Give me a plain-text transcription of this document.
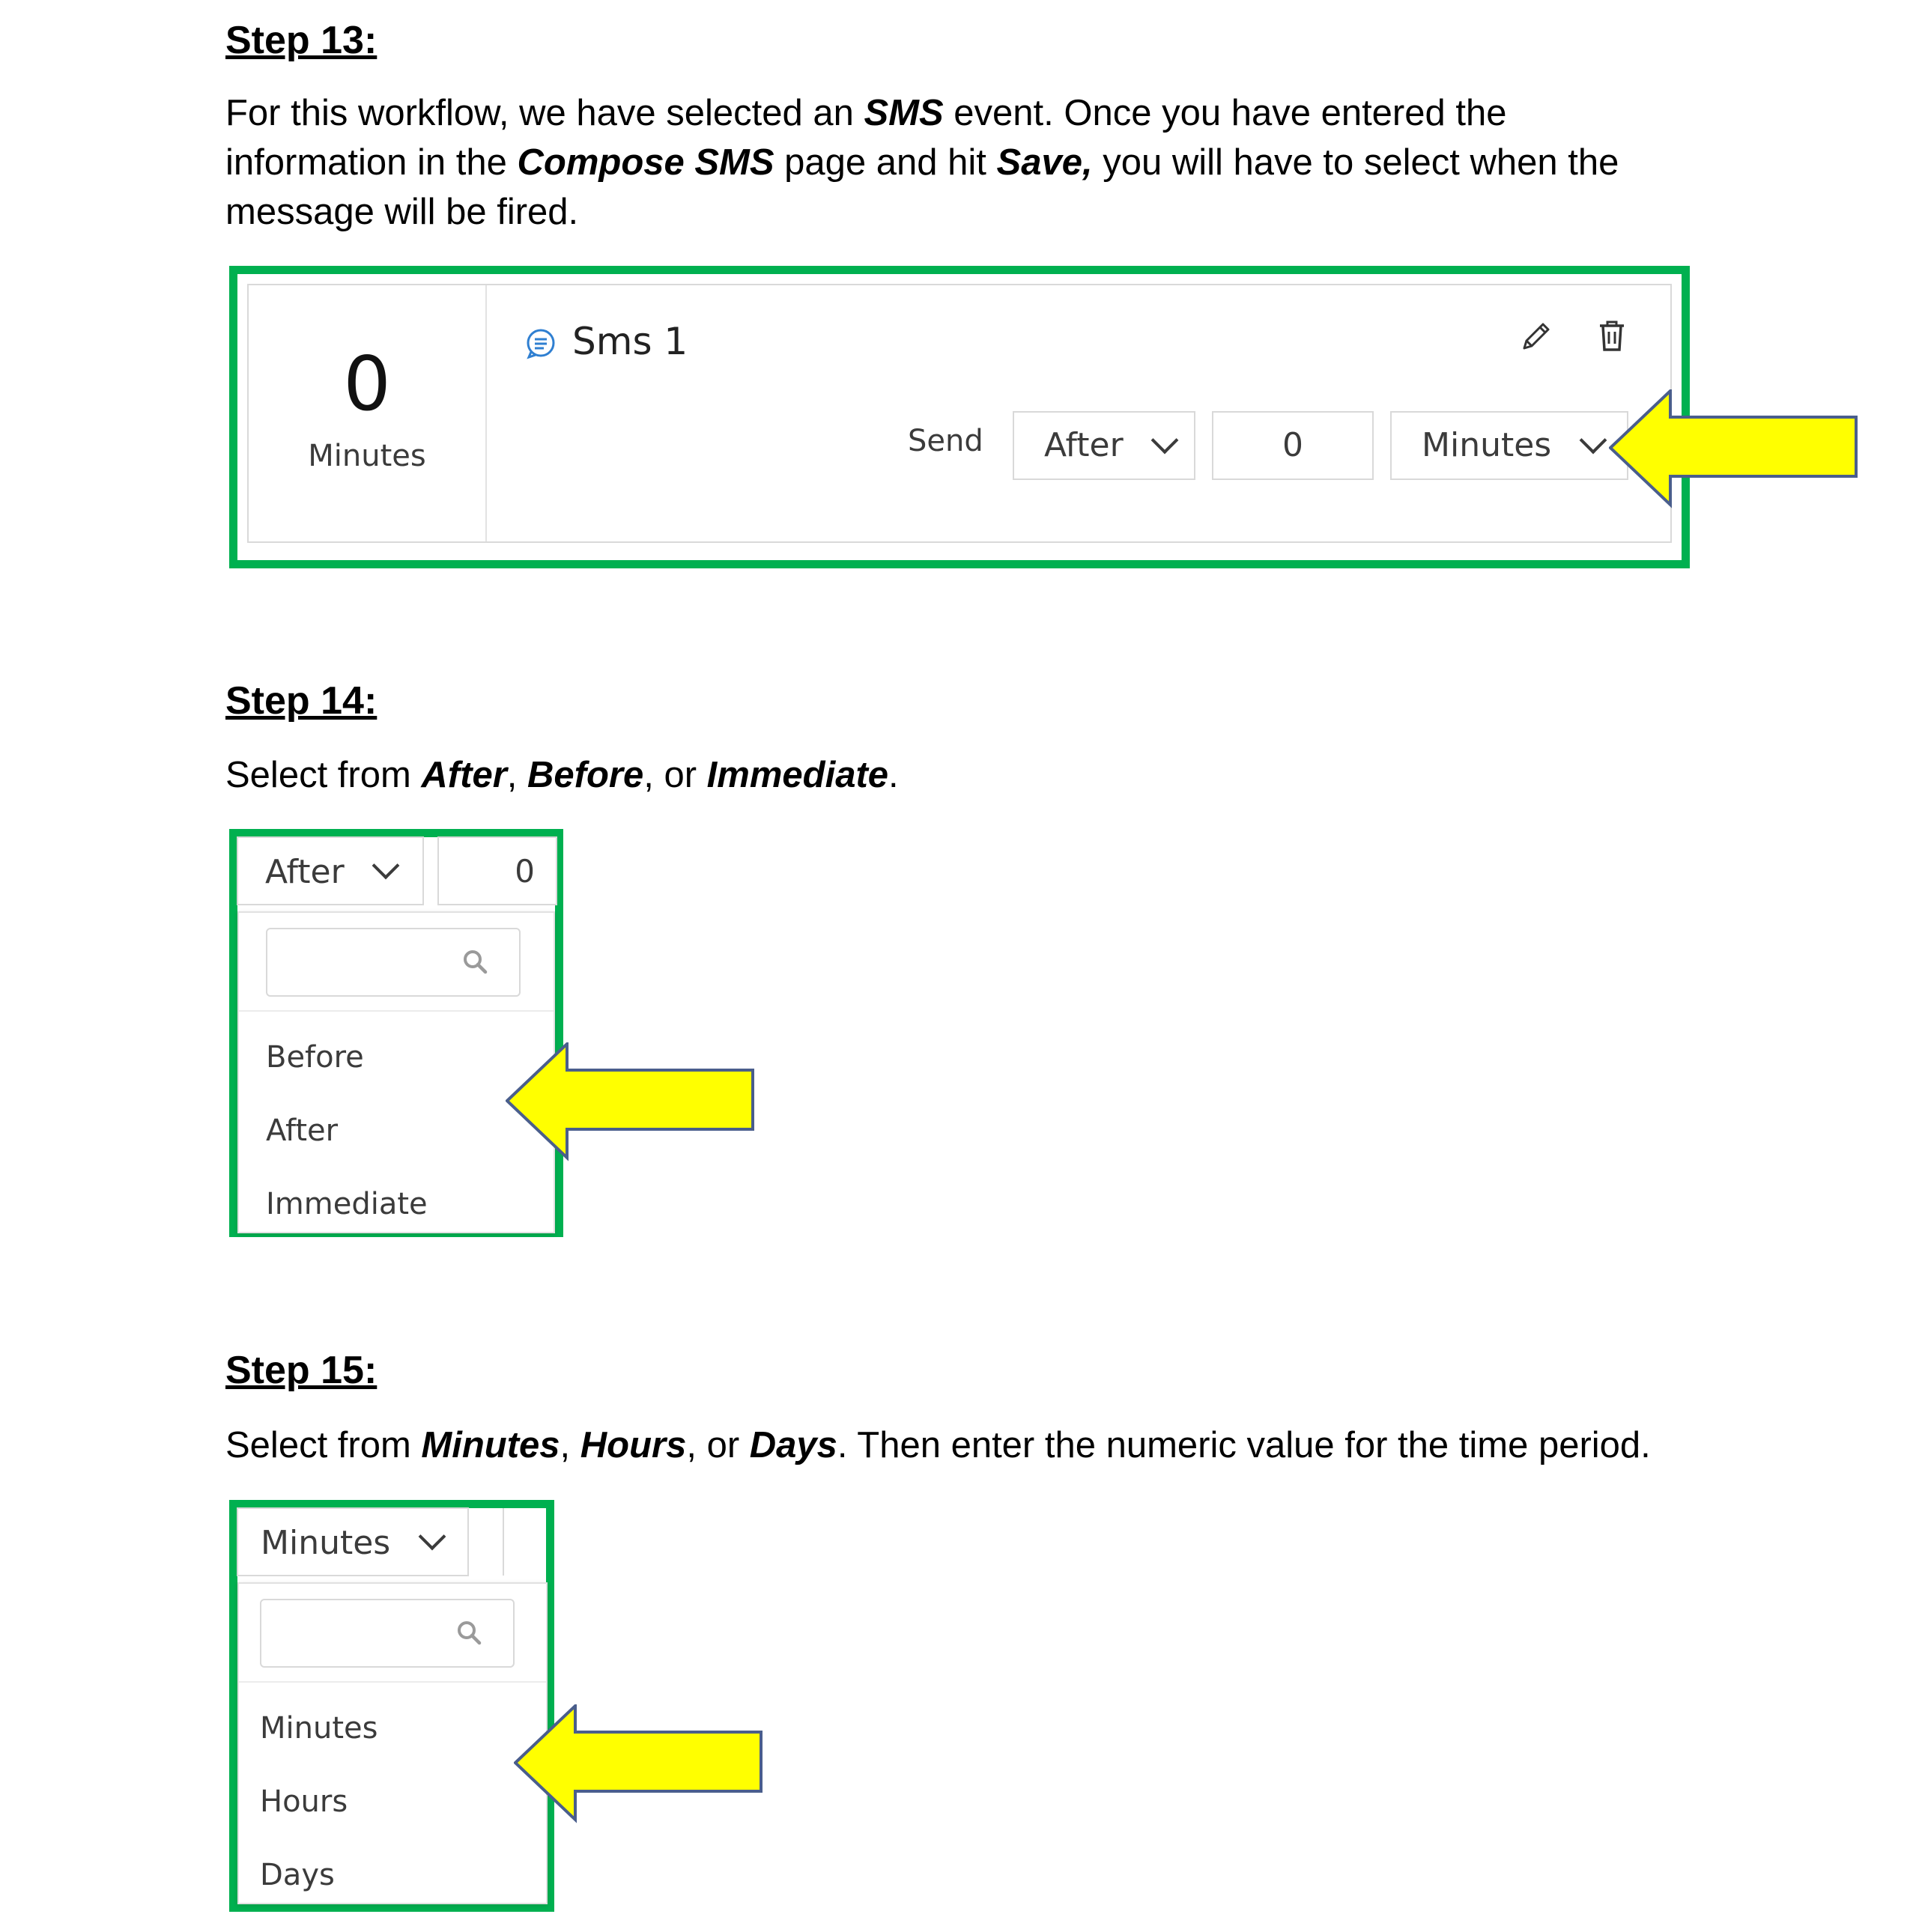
Step 13:
For this workflow, we have selected an SMS event. Once you have entered the
information in the Compose SMS page and hit Save, you will have to select when the
message will be fired.
0
Minutes
Sms 1
Send After	0	Minutes
Step 14:
Select from After, Before, or Immediate.
After	0
Before
After
Immediate
Step 15:
Select from Minutes, Hours, or Days. Then enter the numeric value for the time period.
Minutes
Minutes
Hours
Days
